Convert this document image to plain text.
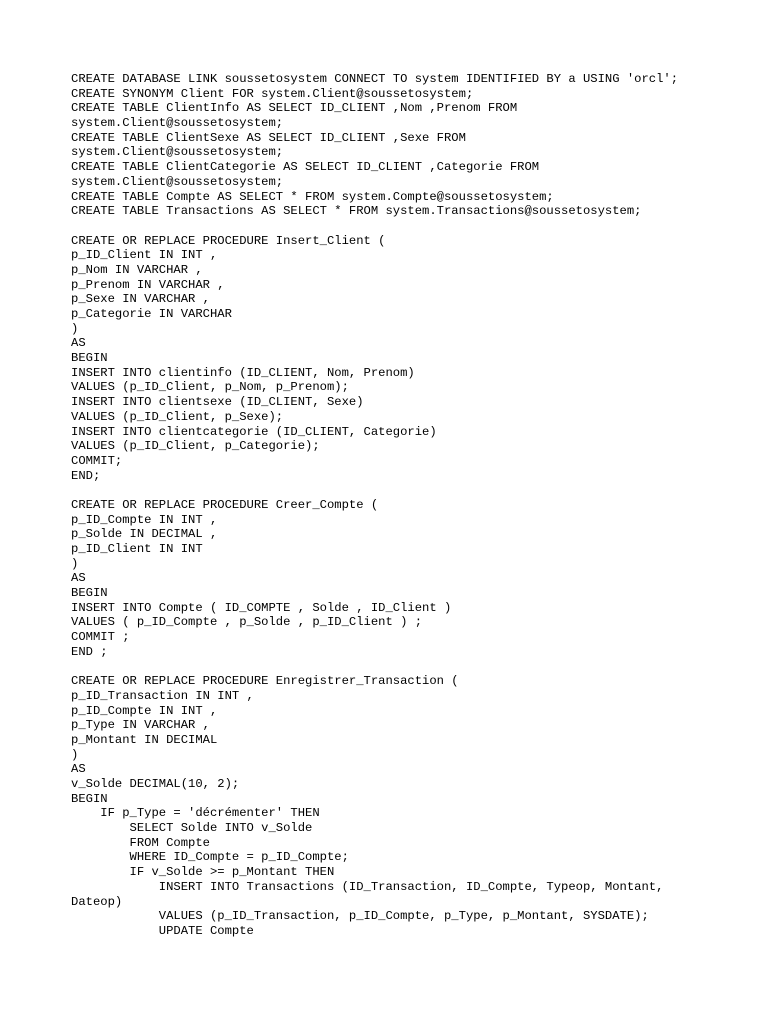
CREATE DATABASE LINK soussetosystem CONNECT TO system IDENTIFIED BY a USING 'orcl';
CREATE SYNONYM Client FOR system.Client@soussetosystem;
CREATE TABLE ClientInfo AS SELECT ID_CLIENT ,Nom ,Prenom FROM
system.Client@soussetosystem;
CREATE TABLE ClientSexe AS SELECT ID_CLIENT ,Sexe FROM
system.Client@soussetosystem;
CREATE TABLE ClientCategorie AS SELECT ID_CLIENT ,Categorie FROM
system.Client@soussetosystem;
CREATE TABLE Compte AS SELECT * FROM system.Compte@soussetosystem;
CREATE TABLE Transactions AS SELECT * FROM system.Transactions@soussetosystem;
CREATE OR REPLACE PROCEDURE Insert_Client (
p_ID_Client IN INT ,
p_Nom IN VARCHAR ,
p_Prenom IN VARCHAR ,
p_Sexe IN VARCHAR ,
p_Categorie IN VARCHAR
)
AS
BEGIN
INSERT INTO clientinfo (ID_CLIENT, Nom, Prenom)
VALUES (p_ID_Client, p_Nom, p_Prenom);
INSERT INTO clientsexe (ID_CLIENT, Sexe)
VALUES (p_ID_Client, p_Sexe);
INSERT INTO clientcategorie (ID_CLIENT, Categorie)
VALUES (p_ID_Client, p_Categorie);
COMMIT;
END;
CREATE OR REPLACE PROCEDURE Creer_Compte (
p_ID_Compte IN INT ,
p_Solde IN DECIMAL ,
p_ID_Client IN INT
)
AS
BEGIN
INSERT INTO Compte ( ID_COMPTE , Solde , ID_Client )
VALUES ( p_ID_Compte , p_Solde , p_ID_Client ) ;
COMMIT ;
END ;
CREATE OR REPLACE PROCEDURE Enregistrer_Transaction (
p_ID_Transaction IN INT ,
p_ID_Compte IN INT ,
p_Type IN VARCHAR ,
p_Montant IN DECIMAL
)
AS
v_Solde DECIMAL(10, 2);
BEGIN
IF p_Type = 'décrémenter' THEN
SELECT Solde INTO v_Solde
FROM Compte
WHERE ID_Compte = p_ID_Compte;
IF v_Solde >= p_Montant THEN
INSERT INTO Transactions (ID_Transaction, ID_Compte, Typeop, Montant,
Dateop)
VALUES (p_ID_Transaction, p_ID_Compte, p_Type, p_Montant, SYSDATE);
UPDATE Compte
